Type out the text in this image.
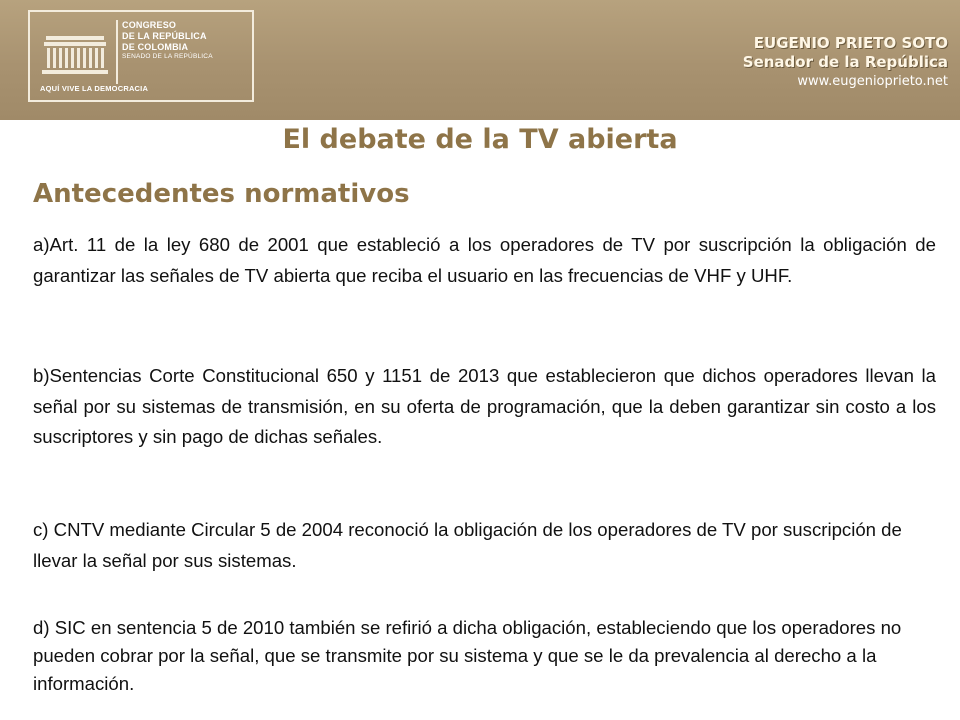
CONGRESO
DE LA REPÚBLICA
DE COLOMBIA
SENADO DE LA REPÚBLICA
AQUÍ VIVE LA DEMOCRACIA
EUGENIO PRIETO SOTO
Senador de la República
www.eugenioprieto.net
El debate de la TV abierta
Antecedentes normativos
a)Art. 11 de la ley 680 de 2001 que estableció a los operadores de TV por suscripción la obligación de garantizar las señales de TV abierta que reciba el usuario en las frecuencias de VHF y UHF.
b)Sentencias Corte Constitucional 650 y 1151 de 2013 que establecieron que dichos operadores llevan la señal por su sistemas de transmisión, en su oferta de programación, que la deben garantizar sin costo a los suscriptores y sin pago de dichas señales.
c) CNTV mediante Circular 5 de 2004 reconoció la obligación de los operadores de TV por suscripción de llevar la señal por sus sistemas.
d) SIC en sentencia 5 de 2010 también se refirió a dicha obligación, estableciendo que los operadores no pueden cobrar por la señal, que se transmite por su sistema y que se le da prevalencia al derecho a la información.
